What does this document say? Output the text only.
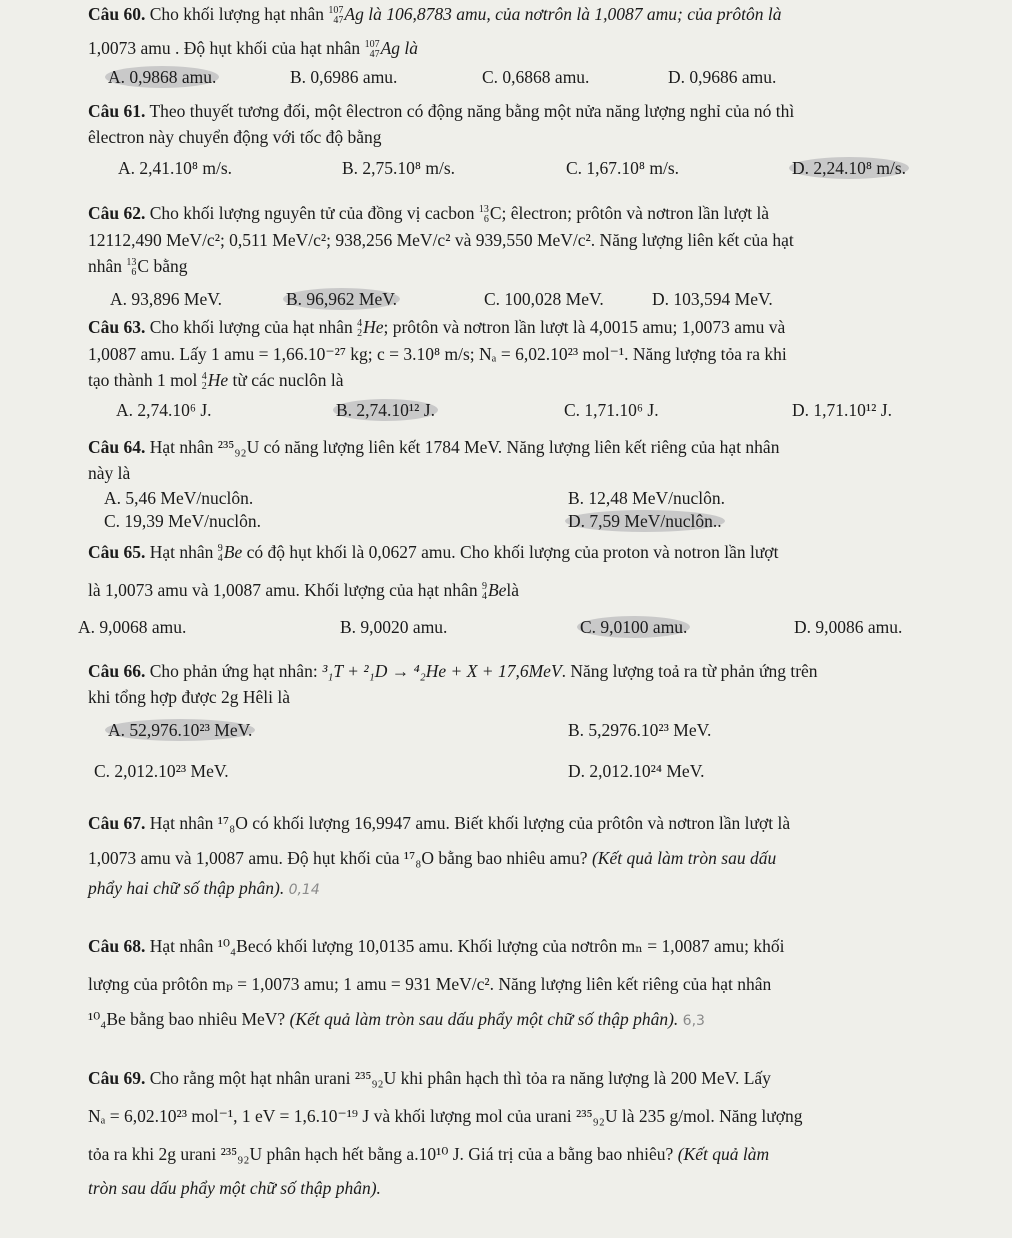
Câu 60. Cho khối lượng hạt nhân 107
47 Ag là 106,8783 amu, của nơtrôn là 1,0087 amu; của prôtôn là
1,0073 amu . Độ hụt khối của hạt nhân 107
47 Ag là
A. 0,9868 amu.	B. 0,6986 amu.	C. 0,6868 amu.	D. 0,9686 amu.
Câu 61. Theo thuyết tương đối, một êlectron có động năng bằng một nửa năng lượng nghỉ của nó thì
êlectron này chuyển động với tốc độ bằng
A. 2,41.10⁸ m/s.	B. 2,75.10⁸ m/s.	C. 1,67.10⁸ m/s.	D. 2,24.10⁸ m/s.
Câu 62. Cho khối lượng nguyên tử của đồng vị cacbon 13
6 C; êlectron; prôtôn và nơtron lần lượt là
12112,490 MeV/c²; 0,511 MeV/c²; 938,256 MeV/c² và 939,550 MeV/c². Năng lượng liên kết của hạt
nhân 13
6 C bằng
A. 93,896 MeV.	B. 96,962 MeV.	C. 100,028 MeV.	D. 103,594 MeV.
Câu 63. Cho khối lượng của hạt nhân 4
2 He; prôtôn và nơtron lần lượt là 4,0015 amu; 1,0073 amu và
1,0087 amu. Lấy 1 amu = 1,66.10⁻²⁷ kg; c = 3.10⁸ m/s; Nₐ = 6,02.10²³ mol⁻¹. Năng lượng tỏa ra khi
tạo thành 1 mol 4
2 He từ các nuclôn là
A. 2,74.10⁶ J.	B. 2,74.10¹² J.	C. 1,71.10⁶ J.	D. 1,71.10¹² J.
Câu 64. Hạt nhân ²³⁵₉₂U có năng lượng liên kết 1784 MeV. Năng lượng liên kết riêng của hạt nhân
này là
A. 5,46 MeV/nuclôn.	B. 12,48 MeV/nuclôn.
C. 19,39 MeV/nuclôn.	D. 7,59 MeV/nuclôn..
Câu 65. Hạt nhân 9
4 Be có độ hụt khối là 0,0627 amu. Cho khối lượng của proton và notron lần lượt
là 1,0073 amu và 1,0087 amu. Khối lượng của hạt nhân 9
4 Belà
A. 9,0068 amu.	B. 9,0020 amu.	C. 9,0100 amu.	D. 9,0086 amu.
Câu 66. Cho phản ứng hạt nhân: ³₁T + ²₁D → ⁴₂He + X + 17,6MeV. Năng lượng toả ra từ phản ứng trên
khi tổng hợp được 2g Hêli là
A. 52,976.10²³ MeV.	B. 5,2976.10²³ MeV.
C. 2,012.10²³ MeV.	D. 2,012.10²⁴ MeV.
Câu 67. Hạt nhân ¹⁷₈O có khối lượng 16,9947 amu. Biết khối lượng của prôtôn và nơtron lần lượt là
1,0073 amu và 1,0087 amu. Độ hụt khối của ¹⁷₈O bằng bao nhiêu amu? (Kết quả làm tròn sau dấu
phẩy hai chữ số thập phân). 0,14
Câu 68. Hạt nhân ¹⁰₄Becó khối lượng 10,0135 amu. Khối lượng của nơtrôn mₙ = 1,0087 amu; khối
lượng của prôtôn mₚ = 1,0073 amu; 1 amu = 931 MeV/c². Năng lượng liên kết riêng của hạt nhân
¹⁰₄Be bằng bao nhiêu MeV? (Kết quả làm tròn sau dấu phẩy một chữ số thập phân). 6,3
Câu 69. Cho rằng một hạt nhân urani ²³⁵₉₂U khi phân hạch thì tỏa ra năng lượng là 200 MeV. Lấy
Nₐ = 6,02.10²³ mol⁻¹, 1 eV = 1,6.10⁻¹⁹ J và khối lượng mol của urani ²³⁵₉₂U là 235 g/mol. Năng lượng
tỏa ra khi 2g urani ²³⁵₉₂U phân hạch hết bằng a.10¹⁰ J. Giá trị của a bằng bao nhiêu? (Kết quả làm
tròn sau dấu phẩy một chữ số thập phân).
